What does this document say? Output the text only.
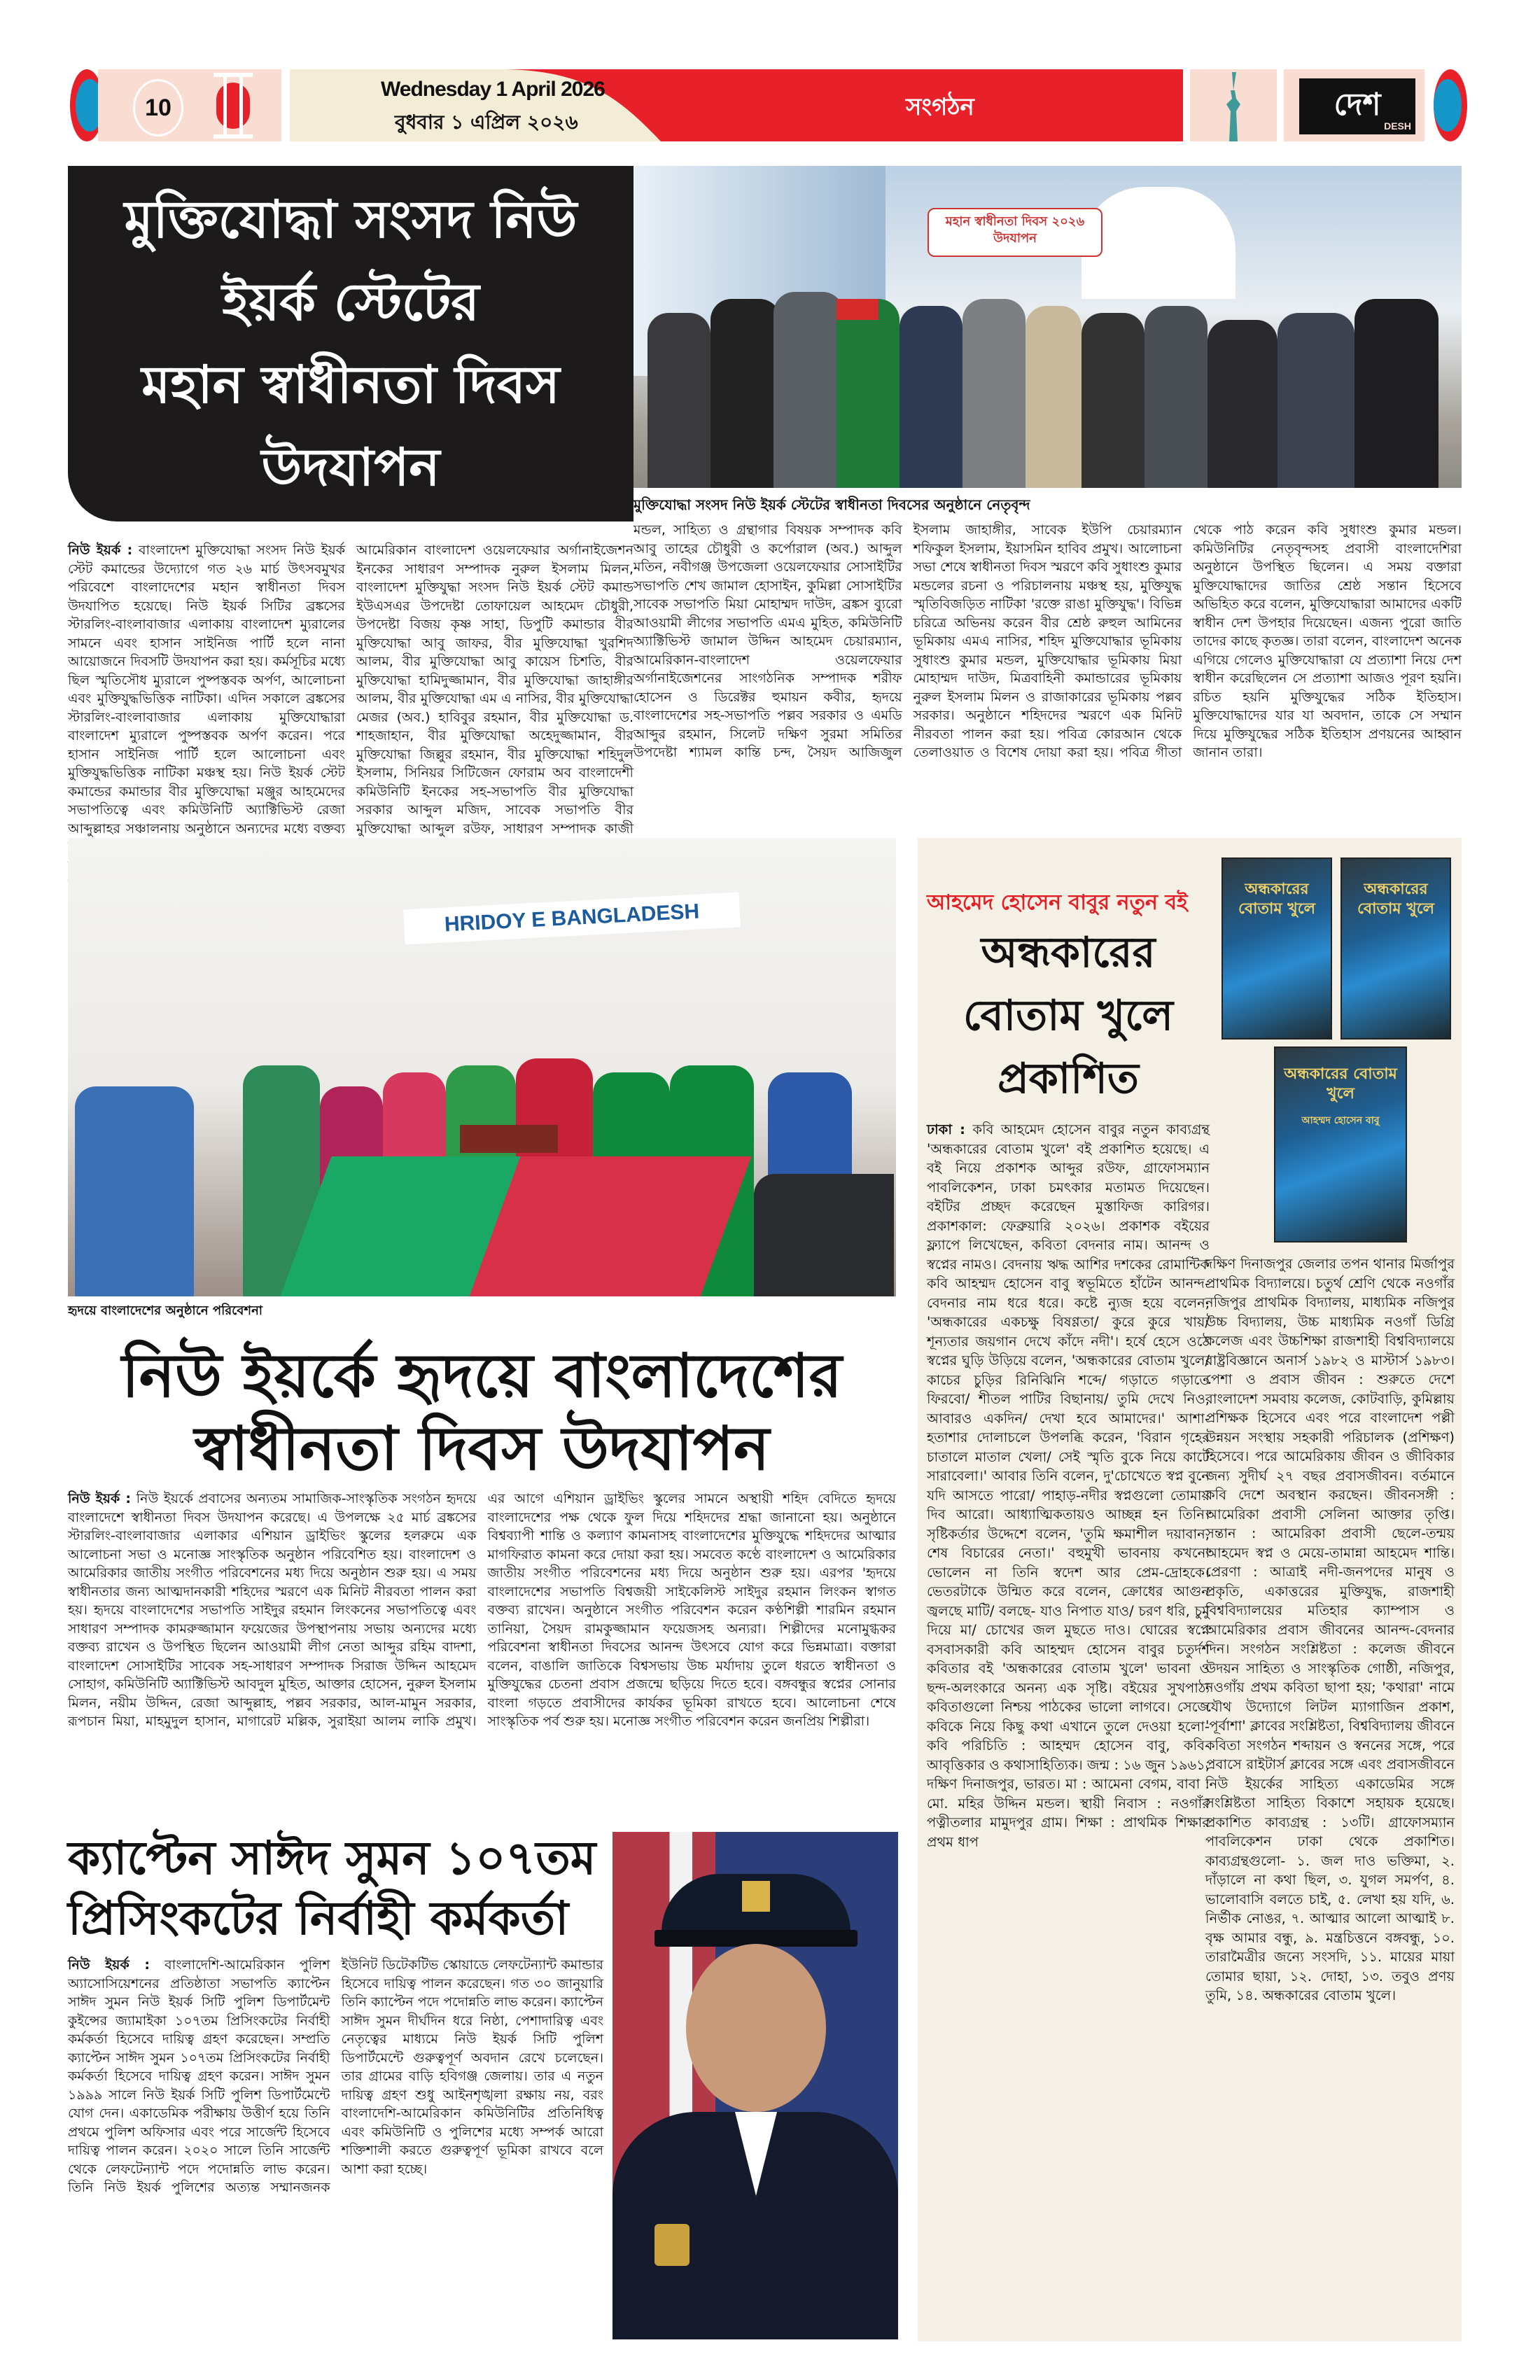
10
Wednesday 1 April 2026
বুধবার ১ এপ্রিল ২০২৬
সংগঠন	দেশ
DESH
মুক্তিযোদ্ধা সংসদ নিউ ইয়র্ক স্টেটের
মহান স্বাধীনতা দিবস উদযাপন

নিউ ইয়র্ক : বাংলাদেশ মুক্তিযোদ্ধা সংসদ নিউ ইয়র্ক স্টেট কমান্ডের উদ্যোগে গত ২৬ মার্চ উৎসবমুখর পরিবেশে বাংলাদেশের মহান স্বাধীনতা দিবস উদযাপিত হয়েছে। নিউ ইয়র্ক সিটির ব্রঙ্কসের স্টারলিং-বাংলাবাজার এলাকায় বাংলাদেশ ম্যুরালের সামনে এবং হাসান সাইনিজ পার্টি হলে নানা আয়োজনে দিবসটি উদযাপন করা হয়। কর্মসূচির মধ্যে ছিল স্মৃতিসৌধ ম্যুরালে পুষ্পস্তবক অর্পণ, আলোচনা এবং মুক্তিযুদ্ধভিত্তিক নাটিকা। এদিন সকালে ব্রঙ্কসের স্টারলিং-বাংলাবাজার এলাকায় মুক্তিযোদ্ধারা বাংলাদেশ ম্যুরালে পুষ্পস্তবক অর্পণ করেন। পরে হাসান সাইনিজ পার্টি হলে আলোচনা এবং মুক্তিযুদ্ধভিত্তিক নাটিকা মঞ্চস্থ হয়। নিউ ইয়র্ক স্টেট কমান্ডের কমান্ডার বীর মুক্তিযোদ্ধা মঞ্জুর আহমেদের সভাপতিত্বে এবং কমিউনিটি অ্যাক্টিভিস্ট রেজা আব্দুল্লাহর সঞ্চালনায় অনুষ্ঠানে অন্যদের মধ্যে বক্তব্য আমেরিকান বাংলাদেশ ওয়েলফেয়ার অর্গানাইজেশন ইনকের সাধারণ সম্পাদক নুরুল ইসলাম মিলন, বাংলাদেশ মুক্তিযুদ্ধা সংসদ নিউ ইয়র্ক স্টেট কমান্ড ইউএসএর উপদেষ্টা তোফায়েল আহমেদ চৌধুরী, উপদেষ্টা বিজয় কৃষ্ণ সাহা, ডিপুটি কমান্ডার বীর মুক্তিযোদ্ধা আবু জাফর, বীর মুক্তিযোদ্ধা খুরশিদ আলম, বীর মুক্তিযোদ্ধা আবু কায়েস চিশতি, বীর মুক্তিযোদ্ধা হামিদুজ্জামান, বীর মুক্তিযোদ্ধা জাহাঙ্গীর আলম, বীর মুক্তিযোদ্ধা এম এ নাসির, বীর মুক্তিযোদ্ধা মেজর (অব.) হাবিবুর রহমান, বীর মুক্তিযোদ্ধা ড. শাহজাহান, বীর মুক্তিযোদ্ধা অহেদুজ্জামান, বীর মুক্তিযোদ্ধা জিল্লুর রহমান, বীর মুক্তিযোদ্ধা শহিদুল ইসলাম, সিনিয়র সিটিজেন ফোরাম অব বাংলাদেশী কমিউনিটি ইনকের সহ-সভাপতি বীর মুক্তিযোদ্ধা সরকার আব্দুল মজিদ, সাবেক সভাপতি বীর মুক্তিযোদ্ধা আব্দুল রউফ, সাধারণ সম্পাদক কাজী

মহান স্বাধীনতা দিবস ২০২৬ উদযাপন
মুক্তিযোদ্ধা সংসদ নিউ ইয়র্ক স্টেটের স্বাধীনতা দিবসের অনুষ্ঠানে নেতৃবৃন্দ

মন্ডল, সাহিত্য ও গ্রন্থাগার বিষয়ক সম্পাদক কবি আবু তাহের চৌধুরী ও কর্পোরাল (অব.) আব্দুল মতিন, নবীগঞ্জ উপজেলা ওয়েলফেয়ার সোসাইটির সভাপতি শেখ জামাল হোসাইন, কুমিল্লা সোসাইটির সাবেক সভাপতি মিয়া মোহাম্মদ দাউদ, ব্রঙ্কস ব্যুরো আওয়ামী লীগের সভাপতি এমএ মুহিত, কমিউনিটি অ্যাক্টিভিস্ট জামাল উদ্দিন আহমেদ চেয়ারম্যান, আমেরিকান-বাংলাদেশ ওয়েলফেয়ার অর্গানাইজেশনের সাংগঠনিক সম্পাদক শরীফ হোসেন ও ডিরেক্টর হুমায়ন কবীর, হৃদয়ে বাংলাদেশের সহ-সভাপতি পল্লব সরকার ও এমডি আব্দুর রহমান, সিলেট দক্ষিণ সুরমা সমিতির উপদেষ্টা শ্যামল কান্তি চন্দ, সৈয়দ আজিজুল ইসলাম জাহাঙ্গীর, সাবেক ইউপি চেয়ারম্যান শফিকুল ইসলাম, ইয়াসমিন হাবিব প্রমুখ। আলোচনা সভা শেষে স্বাধীনতা দিবস স্মরণে কবি সুধাংশু কুমার মন্ডলের রচনা ও পরিচালনায় মঞ্চস্থ হয়, মুক্তিযুদ্ধ স্মৃতিবিজড়িত নাটিকা 'রক্তে রাঙা মুক্তিযুদ্ধ'। বিভিন্ন চরিত্রে অভিনয় করেন বীর শ্রেষ্ঠ রুহুল আমিনের ভূমিকায় এমএ নাসির, শহিদ মুক্তিযোদ্ধার ভূমিকায় সুধাংশু কুমার মন্ডল, মুক্তিযোদ্ধার ভূমিকায় মিয়া মোহাম্মদ দাউদ, মিত্রবাহিনী কমান্ডারের ভূমিকায় নুরুল ইসলাম মিলন ও রাজাকারের ভূমিকায় পল্লব সরকার। অনুষ্ঠানে শহিদদের স্মরণে এক মিনিট নীরবতা পালন করা হয়। পবিত্র কোরআন থেকে তেলাওয়াত ও বিশেষ দোয়া করা হয়। পবিত্র গীতা থেকে পাঠ করেন কবি সুধাংশু কুমার মন্ডল। কমিউনিটির নেতৃবৃন্দসহ প্রবাসী বাংলাদেশিরা অনুষ্ঠানে উপস্থিত ছিলেন। এ সময় বক্তারা মুক্তিযোদ্ধাদের জাতির শ্রেষ্ঠ সন্তান হিসেবে অভিহিত করে বলেন, মুক্তিযোদ্ধারা আমাদের একটি স্বাধীন দেশ উপহার দিয়েছেন। এজন্য পুরো জাতি তাদের কাছে কৃতজ্ঞ। তারা বলেন, বাংলাদেশ অনেক এগিয়ে গেলেও মুক্তিযোদ্ধারা যে প্রত্যাশা নিয়ে দেশ স্বাধীন করেছিলেন সে প্রত্যাশা আজও পূরণ হয়নি। রচিত হয়নি মুক্তিযুদ্ধের সঠিক ইতিহাস। মুক্তিযোদ্ধাদের যার যা অবদান, তাকে সে সম্মান দিয়ে মুক্তিযুদ্ধের সঠিক ইতিহাস প্রণয়নের আহ্বান জানান তারা।

HRIDOY E BANGLADESH
হৃদয়ে বাংলাদেশের অনুষ্ঠানে পরিবেশনা
নিউ ইয়র্কে হৃদয়ে বাংলাদেশের
স্বাধীনতা দিবস উদযাপন

নিউ ইয়র্ক : নিউ ইয়র্কে প্রবাসের অন্যতম সামাজিক-সাংস্কৃতিক সংগঠন হৃদয়ে বাংলাদেশে স্বাধীনতা দিবস উদযাপন করেছে। এ উপলক্ষে ২৫ মার্চ ব্রঙ্কসের স্টারলিং-বাংলাবাজার এলাকার এশিয়ান ড্রাইভিং স্কুলের হলরুমে এক আলোচনা সভা ও মনোজ্ঞ সাংস্কৃতিক অনুষ্ঠান পরিবেশিত হয়। বাংলাদেশ ও আমেরিকার জাতীয় সংগীত পরিবেশনের মধ্য দিয়ে অনুষ্ঠান শুরু হয়। এ সময় স্বাধীনতার জন্য আত্মদানকারী শহিদের স্মরণে এক মিনিট নীরবতা পালন করা হয়। হৃদয়ে বাংলাদেশের সভাপতি সাইদুর রহমান লিংকনের সভাপতিত্বে এবং সাধারণ সম্পাদক কামরুজ্জামান ফয়েজের উপস্থাপনায় সভায় অন্যদের মধ্যে বক্তব্য রাখেন ও উপস্থিত ছিলেন আওয়ামী লীগ নেতা আব্দুর রহিম বাদশা, বাংলাদেশ সোসাইটির সাবেক সহ-সাধারণ সম্পাদক সিরাজ উদ্দিন আহমেদ সোহাগ, কমিউনিটি অ্যাক্টিভিস্ট আবদুল মুহিত, আক্তার হোসেন, নুরুল ইসলাম মিলন, নয়ীম উদ্দিন, রেজা আব্দুল্লাহ, পল্লব সরকার, আল-মামুন সরকার, রূপচান মিয়া, মাহমুদুল হাসান, মাগারেট মল্লিক, সুরাইয়া আলম লাকি প্রমুখ। এর আগে এশিয়ান ড্রাইভিং স্কুলের সামনে অস্থায়ী শহিদ বেদিতে হৃদয়ে বাংলাদেশের পক্ষ থেকে ফুল দিয়ে শহিদদের শ্রদ্ধা জানানো হয়। অনুষ্ঠানে বিশ্বব্যাপী শান্তি ও কল্যাণ কামনাসহ বাংলাদেশের মুক্তিযুদ্ধে শহিদদের আত্মার মাগফিরাত কামনা করে দোয়া করা হয়। সমবেত কণ্ঠে বাংলাদেশ ও আমেরিকার জাতীয় সংগীত পরিবেশনের মধ্য দিয়ে অনুষ্ঠান শুরু হয়। এরপর 'হৃদয়ে বাংলাদেশের সভাপতি বিশ্বজয়ী সাইকেলিস্ট সাইদুর রহমান লিংকন স্বাগত বক্তব্য রাখেন। অনুষ্ঠানে সংগীত পরিবেশন করেন কণ্ঠশিল্পী শারমিন রহমান তানিয়া, সৈয়দ রামকুজ্জামান ফয়েজসহ অন্যরা। শিল্পীদের মনোমুগ্ধকর পরিবেশনা স্বাধীনতা দিবসের আনন্দ উৎসবে যোগ করে ভিন্নমাত্রা। বক্তারা বলেন, বাঙালি জাতিকে বিশ্বসভায় উচ্চ মর্যাদায় তুলে ধরতে স্বাধীনতা ও মুক্তিযুদ্ধের চেতনা প্রবাস প্রজন্মে ছড়িয়ে দিতে হবে। বঙ্গবন্ধুর স্বপ্নের সোনার বাংলা গড়তে প্রবাসীদের কার্যকর ভূমিকা রাখতে হবে। আলোচনা শেষে সাংস্কৃতিক পর্ব শুরু হয়। মনোজ্ঞ সংগীত পরিবেশন করেন জনপ্রিয় শিল্পীরা।

ক্যাপ্টেন সাঈদ সুমন ১০৭তম
প্রিসিংকটের নির্বাহী কর্মকর্তা

নিউ ইয়র্ক : বাংলাদেশি-আমেরিকান পুলিশ অ্যাসোসিয়েশনের প্রতিষ্ঠাতা সভাপতি ক্যাপ্টেন সাঈদ সুমন নিউ ইয়র্ক সিটি পুলিশ ডিপার্টমেন্ট কুইন্সের জ্যামাইকা ১০৭তম প্রিসিংকটের নির্বাহী কর্মকর্তা হিসেবে দায়িত্ব গ্রহণ করেছেন। সম্প্রতি ক্যাপ্টেন সাঈদ সুমন ১০৭তম প্রিসিংকটের নির্বাহী কর্মকর্তা হিসেবে দায়িত্ব গ্রহণ করেন। সাঈদ সুমন ১৯৯৯ সালে নিউ ইয়র্ক সিটি পুলিশ ডিপার্টমেন্টে যোগ দেন। একাডেমিক পরীক্ষায় উত্তীর্ণ হয়ে তিনি প্রথমে পুলিশ অফিসার এবং পরে সার্জেন্ট হিসেবে দায়িত্ব পালন করেন। ২০২০ সালে তিনি সার্জেন্ট থেকে লেফটেন্যান্ট পদে পদোন্নতি লাভ করেন। তিনি নিউ ইয়র্ক পুলিশের অত্যন্ত সম্মানজনক ইউনিট ডিটেকটিভ স্কোয়াডে লেফটেন্যান্ট কমান্ডার হিসেবে দায়িত্ব পালন করেছেন। গত ৩০ জানুয়ারি তিনি ক্যাপ্টেন পদে পদোন্নতি লাভ করেন। ক্যাপ্টেন সাঈদ সুমন দীর্ঘদিন ধরে নিষ্ঠা, পেশাদারিত্ব এবং নেতৃত্বের মাধ্যমে নিউ ইয়র্ক সিটি পুলিশ ডিপার্টমেন্টে গুরুত্বপূর্ণ অবদান রেখে চলেছেন। তার গ্রামের বাড়ি হবিগঞ্জ জেলায়। তার এ নতুন দায়িত্ব গ্রহণ শুধু আইনশৃঙ্খলা রক্ষায় নয়, বরং বাংলাদেশি-আমেরিকান কমিউনিটির প্রতিনিধিত্ব এবং কমিউনিটি ও পুলিশের মধ্যে সম্পর্ক আরো শক্তিশালী করতে গুরুত্বপূর্ণ ভূমিকা রাখবে বলে আশা করা হচ্ছে।

আহমেদ হোসেন বাবুর নতুন বই
অন্ধকারের
বোতাম খুলে
প্রকাশিত

ঢাকা : কবি আহমেদ হোসেন বাবুর নতুন কাব্যগ্রন্থ 'অন্ধকারের বোতাম খুলে' বই প্রকাশিত হয়েছে। এ বই নিয়ে প্রকাশক আব্দুর রউফ, গ্রাফোসম্যান পাবলিকেশন, ঢাকা চমৎকার মতামত দিয়েছেন। বইটির প্রচ্ছদ করেছেন মুস্তাফিজ কারিগর। প্রকাশকাল: ফেব্রুয়ারি ২০২৬। প্রকাশক বইয়ের ফ্ল্যাপে লিখেছেন, কবিতা বেদনার নাম। আনন্দ ও স্বপ্নের নামও। বেদনায় ঋদ্ধ আশির দশকের রোমান্টিক কবি আহম্মদ হোসেন বাবু স্বভূমিতে হাঁটেন আনন্দ-বেদনার নাম ধরে ধরে। কষ্টে ন্যুজ হয়ে বলেন, 'অন্ধকারের একচক্ষু বিষণ্ণতা/ কুরে কুরে খায়/ শূন্যতার জয়গান দেখে কাঁদে নদী'। হর্ষে হেসে ওঠে স্বপ্নের ঘুড়ি উড়িয়ে বলেন, 'অন্ধকারের বোতাম খুলে/ কাচের চুড়ির রিনিঝিনি শব্দে/ গড়াতে গড়াতে ফিরবো/ শীতল পাটির বিছানায়/ তুমি দেখে নিও, আবারও একদিন/ দেখা হবে আমাদের।' আশা-হতাশার দোলাচলে উপলব্ধি করেন, 'বিরান গৃহের চাতালে মাতাল খেলা/ সেই স্মৃতি বুকে নিয়ে কাটে সারাবেলা।' আবার তিনি বলেন, দু'চোখেতে স্বপ্ন বুনে যদি আসতে পারো/ পাহাড়-নদীর স্বপ্নগুলো তোমায় দিব আরো। আধ্যাত্মিকতায়ও আচ্ছন্ন হন তিনি। সৃষ্টিকর্তার উদ্দেশে বলেন, 'তুমি ক্ষমাশীল দয়াবান, শেষ বিচারের নেতা।' বহুমুখী ভাবনায় কখনো ভোলেন না তিনি স্বদেশ আর প্রেম-দ্রোহকে। ভেতরটাকে উন্মিত করে বলেন, ক্রোধের আগুন জ্বলছে মাটি/ বলছে- যাও নিপাত যাও/ চরণ ধরি, চুমু দিয়ে মা/ চোখের জল মুছতে দাও। ঘোরের স্বপ্নে বসবাসকারী কবি আহম্মদ হোসেন বাবুর চতুর্দশ কবিতার বই 'অন্ধকারের বোতাম খুলে' ভাবনা ও ছন্দ-অলংকারে অনন্য এক সৃষ্টি। বইয়ের সুখপাঠ্য কবিতাগুলো নিশ্চয় পাঠকের ভালো লাগবে। সেজে কবিকে নিয়ে কিছু কথা এখানে তুলে দেওয়া হলো- কবি পরিচিতি : আহম্মদ হোসেন বাবু, কবি-আবৃত্তিকার ও কথাসাহিত্যিক। জন্ম : ১৬ জুন ১৯৬১, দক্ষিণ দিনাজপুর, ভারত। মা : আমেনা বেগম, বাবা : মো. মহির উদ্দিন মন্ডল। স্থায়ী নিবাস : নওগাঁর পত্নীতলার মামুদপুর গ্রাম। শিক্ষা : প্রাথমিক শিক্ষার প্রথম ধাপ

অন্ধকারের বোতাম খুলে
অন্ধকারের বোতাম খুলে
অন্ধকারের বোতাম খুলে
আহম্মদ হোসেন বাবু

দক্ষিণ দিনাজপুর জেলার তপন থানার মির্জাপুর প্রাথমিক বিদ্যালয়ে। চতুর্থ শ্রেণি থেকে নওগাঁর নজিপুর প্রাথমিক বিদ্যালয়, মাধ্যমিক নজিপুর উচ্চ বিদ্যালয়, উচ্চ মাধ্যমিক নওগাঁ ডিগ্রি কলেজ এবং উচ্চশিক্ষা রাজশাহী বিশ্ববিদ্যালয়ে রাষ্ট্রবিজ্ঞানে অনার্স ১৯৮২ ও মাস্টার্স ১৯৮৩। পেশা ও প্রবাস জীবন : শুরুতে দেশে বাংলাদেশ সমবায় কলেজ, কোটবাড়ি, কুমিল্লায় প্রশিক্ষক হিসেবে এবং পরে বাংলাদেশ পল্লী উন্নয়ন সংস্থায় সহকারী পরিচালক (প্রশিক্ষণ) হিসেবে। পরে আমেরিকায় জীবন ও জীবিকার জন্য সুদীর্ঘ ২৭ বছর প্রবাসজীবন। বর্তমানে কবি দেশে অবস্থান করছেন। জীবনসঙ্গী : আমেরিকা প্রবাসী সেলিনা আক্তার তৃপ্তি। সন্তান : আমেরিকা প্রবাসী ছেলে-তন্ময় আহমেদ স্বপ্ন ও মেয়ে-তামান্না আহমেদ শান্তি। প্রেরণা : আত্রাই নদী-জনপদের মানুষ ও প্রকৃতি, একাত্তরের মুক্তিযুদ্ধ, রাজশাহী বিশ্ববিদ্যালয়ের মতিহার ক্যাম্পাস ও আমেরিকার প্রবাস জীবনের আনন্দ-বেদনার দিন। সংগঠন সংশ্লিষ্টতা : কলেজ জীবনে উদয়ন সাহিত্য ও সাংস্কৃতিক গোষ্ঠী, নজিপুর, নওগাঁয় প্রথম কবিতা ছাপা হয়; 'কথারা' নামে যৌথ উদ্যোগে লিটল ম্যাগাজিন প্রকাশ, 'পূর্বাশা' ক্লাবের সংশ্লিষ্টতা, বিশ্ববিদ্যালয় জীবনে কবিতা সংগঠন শব্দায়ন ও স্বননের সঙ্গে, পরে প্রবাসে রাইটার্স ক্লাবের সঙ্গে এবং প্রবাসজীবনে নিউ ইয়র্কের সাহিত্য একাডেমির সঙ্গে সংশ্লিষ্টতা সাহিত্য বিকাশে সহায়ক হয়েছে। প্রকাশিত কাব্যগ্রন্থ : ১৩টি। গ্রাফোসম্যান পাবলিকেশন ঢাকা থেকে প্রকাশিত। কাব্যগ্রন্থগুলো- ১. জল দাও ভক্তিমা, ২. দাঁড়ালে না কথা ছিল, ৩. যুগল সমর্পণ, ৪. ভালোবাসি বলতে চাই, ৫. লেখা হয় যদি, ৬. নির্ভীক নোঙর, ৭. আত্মার আলো আত্মাই ৮. বৃক্ষ আমার বন্ধু, ৯. মন্ত্রচিত্তনে বঙ্গবন্ধু, ১০. তারামৈত্রীর জন্যে সংসদি, ১১. মায়ের মায়া তোমার ছায়া, ১২. দোহা, ১৩. তবুও প্রণয় তুমি, ১৪. অন্ধকারের বোতাম খুলে।
